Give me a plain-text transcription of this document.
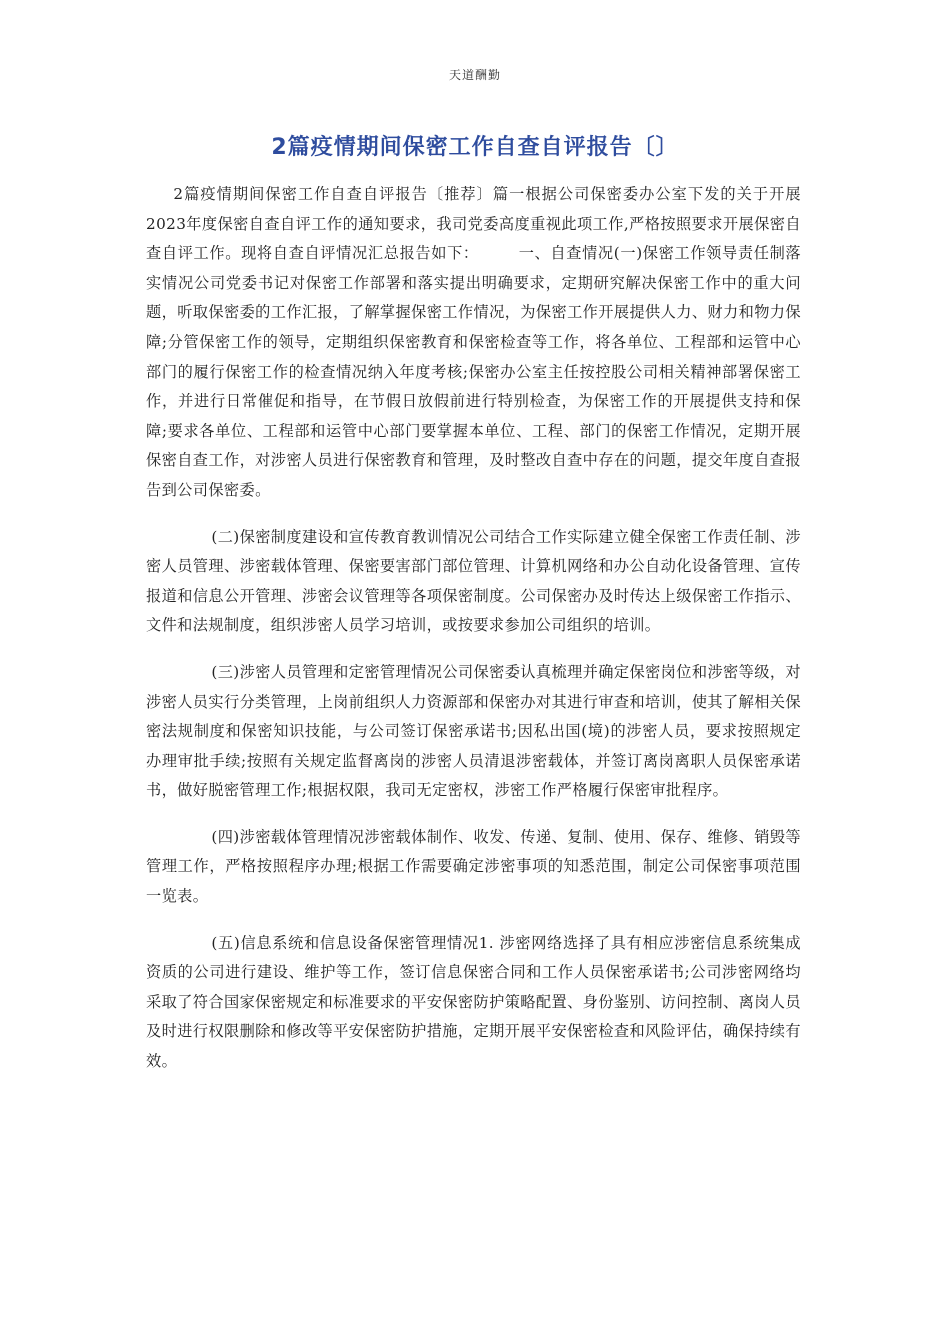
天道酬勤
2篇疫情期间保密工作自查自评报告〔〕

2篇疫情期间保密工作自查自评报告〔推荐〕篇一根据公司保密委办公室下发的关于开展2023年度保密自查自评工作的通知要求，我司党委高度重视此项工作,严格按照要求开展保密自查自评工作。现将自查自评情况汇总报告如下：　　　一、自查情况(一)保密工作领导责任制落实情况公司党委书记对保密工作部署和落实提出明确要求，定期研究解决保密工作中的重大问题，听取保密委的工作汇报，了解掌握保密工作情况，为保密工作开展提供人力、财力和物力保障;分管保密工作的领导，定期组织保密教育和保密检查等工作，将各单位、工程部和运管中心部门的履行保密工作的检查情况纳入年度考核;保密办公室主任按控股公司相关精神部署保密工作，并进行日常催促和指导，在节假日放假前进行特别检查，为保密工作的开展提供支持和保障;要求各单位、工程部和运管中心部门要掌握本单位、工程、部门的保密工作情况，定期开展保密自查工作，对涉密人员进行保密教育和管理，及时整改自查中存在的问题，提交年度自查报告到公司保密委。

(二)保密制度建设和宣传教育教训情况公司结合工作实际建立健全保密工作责任制、涉密人员管理、涉密载体管理、保密要害部门部位管理、计算机网络和办公自动化设备管理、宣传报道和信息公开管理、涉密会议管理等各项保密制度。公司保密办及时传达上级保密工作指示、文件和法规制度，组织涉密人员学习培训，或按要求参加公司组织的培训。

(三)涉密人员管理和定密管理情况公司保密委认真梳理并确定保密岗位和涉密等级，对涉密人员实行分类管理，上岗前组织人力资源部和保密办对其进行审查和培训，使其了解相关保密法规制度和保密知识技能，与公司签订保密承诺书;因私出国(境)的涉密人员，要求按照规定办理审批手续;按照有关规定监督离岗的涉密人员清退涉密载体，并签订离岗离职人员保密承诺书，做好脱密管理工作;根据权限，我司无定密权，涉密工作严格履行保密审批程序。

(四)涉密载体管理情况涉密载体制作、收发、传递、复制、使用、保存、维修、销毁等管理工作，严格按照程序办理;根据工作需要确定涉密事项的知悉范围，制定公司保密事项范围一览表。

(五)信息系统和信息设备保密管理情况1. 涉密网络选择了具有相应涉密信息系统集成资质的公司进行建设、维护等工作，签订信息保密合同和工作人员保密承诺书;公司涉密网络均采取了符合国家保密规定和标准要求的平安保密防护策略配置、身份鉴别、访问控制、离岗人员及时进行权限删除和修改等平安保密防护措施，定期开展平安保密检查和风险评估，确保持续有效。
